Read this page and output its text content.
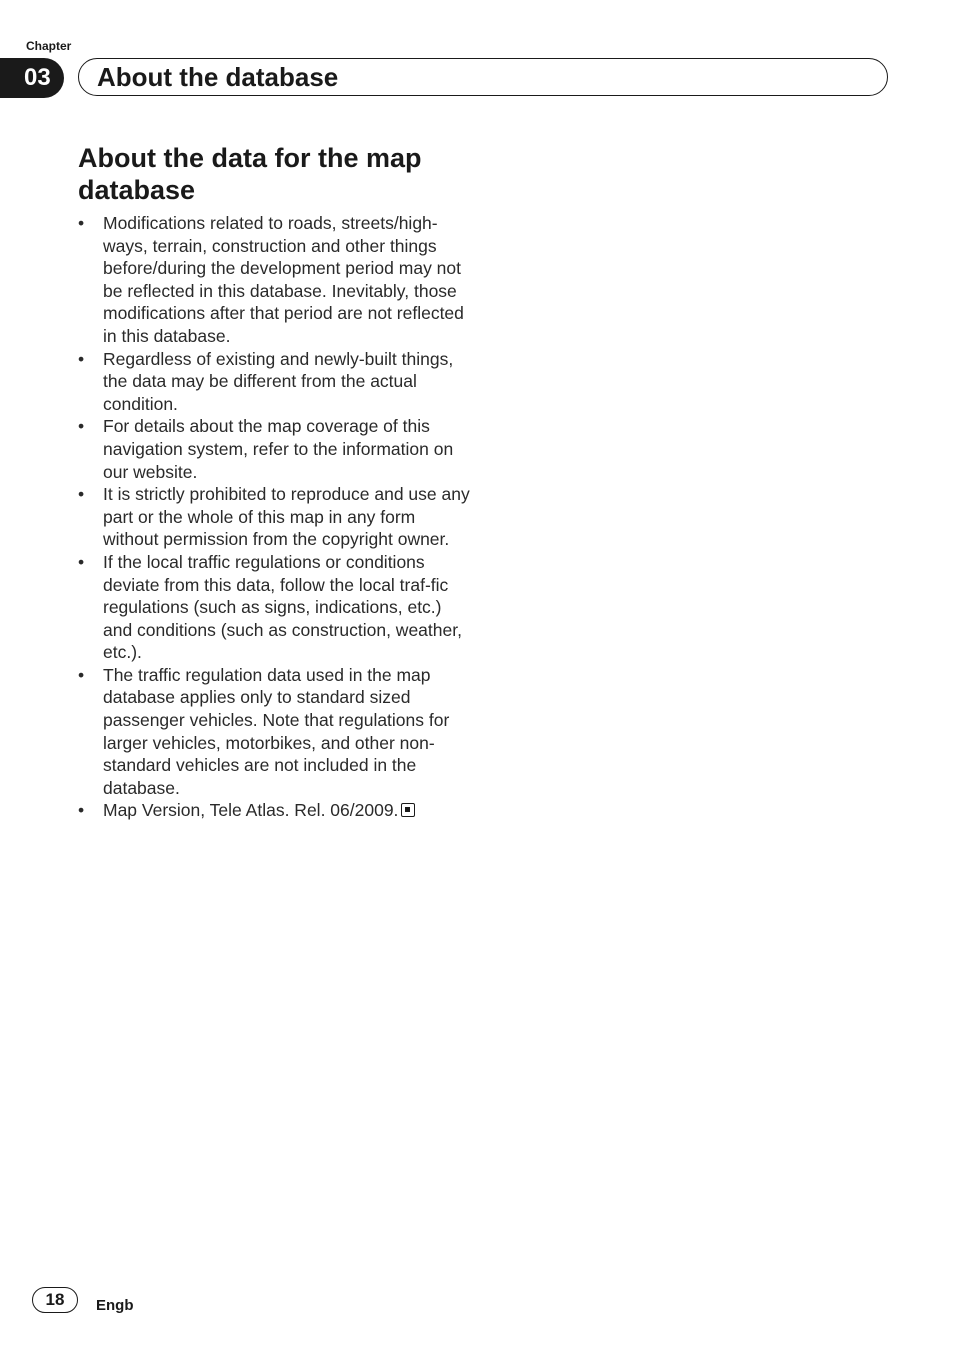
Chapter
03	About the database
About the data for the map database
• Modifications related to roads, streets/high-ways, terrain, construction and other things before/during the development period may not be reflected in this database. Inevitably, those modifications after that period are not reflected in this database.
• Regardless of existing and newly-built things, the data may be different from the actual condition.
• For details about the map coverage of this navigation system, refer to the information on our website.
• It is strictly prohibited to reproduce and use any part or the whole of this map in any form without permission from the copyright owner.
• If the local traffic regulations or conditions deviate from this data, follow the local traf-fic regulations (such as signs, indications, etc.) and conditions (such as construction, weather, etc.).
• The traffic regulation data used in the map database applies only to standard sized passenger vehicles. Note that regulations for larger vehicles, motorbikes, and other non-standard vehicles are not included in the database.
• Map Version, Tele Atlas. Rel. 06/2009.
18	Engb
